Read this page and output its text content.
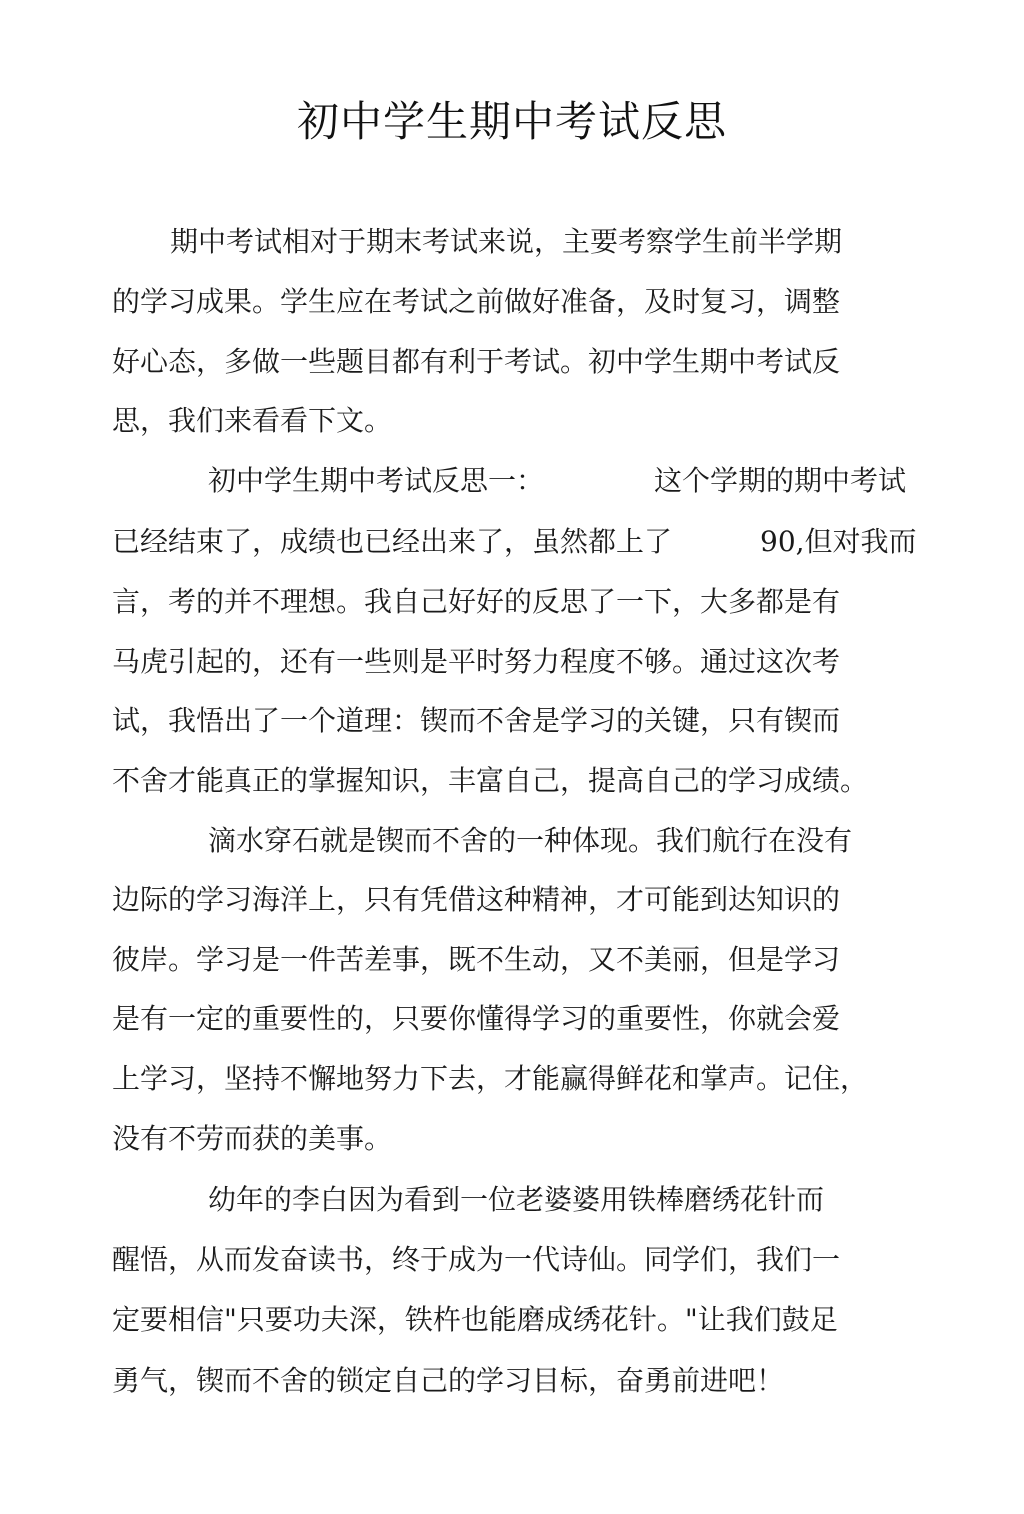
初中学生期中考试反思
期中考试相对于期末考试来说，主要考察学生前半学期
的学习成果。学生应在考试之前做好准备，及时复习，调整
好心态，多做一些题目都有利于考试。初中学生期中考试反
思，我们来看看下文。
初中学生期中考试反思一：	这个学期的期中考试
已经结束了，成绩也已经出来了，虽然都上了	90,但对我而
言，考的并不理想。我自己好好的反思了一下，大多都是有
马虎引起的，还有一些则是平时努力程度不够。通过这次考
试，我悟出了一个道理：锲而不舍是学习的关键，只有锲而
不舍才能真正的掌握知识，丰富自己，提高自己的学习成绩。
滴水穿石就是锲而不舍的一种体现。我们航行在没有
边际的学习海洋上，只有凭借这种精神，才可能到达知识的
彼岸。学习是一件苦差事，既不生动，又不美丽，但是学习
是有一定的重要性的，只要你懂得学习的重要性，你就会爱
上学习，坚持不懈地努力下去，才能赢得鲜花和掌声。记住，
没有不劳而获的美事。
幼年的李白因为看到一位老婆婆用铁棒磨绣花针而
醒悟，从而发奋读书，终于成为一代诗仙。同学们，我们一
定要相信"只要功夫深，铁杵也能磨成绣花针。"让我们鼓足
勇气，锲而不舍的锁定自己的学习目标，奋勇前进吧！
